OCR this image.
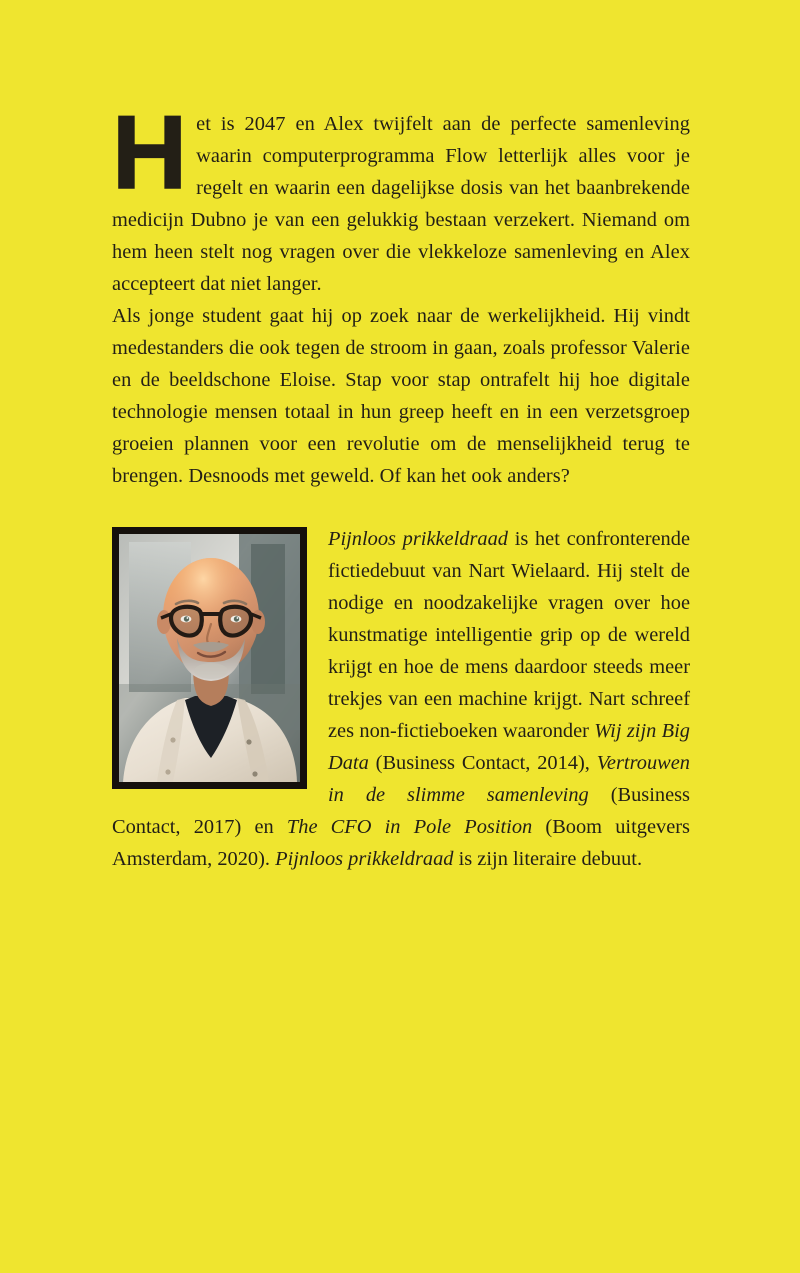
Het is 2047 en Alex twijfelt aan de perfecte samenleving waarin computerprogramma Flow letterlijk alles voor je regelt en waarin een dagelijkse dosis van het baanbrekende medicijn Dubno je van een gelukkig bestaan verzekert. Niemand om hem heen stelt nog vragen over die vlekkeloze samenleving en Alex accepteert dat niet langer.

Als jonge student gaat hij op zoek naar de werkelijkheid. Hij vindt medestanders die ook tegen de stroom in gaan, zoals professor Valerie en de beeldschone Eloise. Stap voor stap ontrafelt hij hoe digitale technologie mensen totaal in hun greep heeft en in een verzetsgroep groeien plannen voor een revolutie om de menselijkheid terug te brengen. Desnoods met geweld. Of kan het ook anders?

Pijnloos prikkeldraad is het confronterende fictiedebuut van Nart Wielaard. Hij stelt de nodige en noodzakelijke vragen over hoe kunstmatige intelligentie grip op de wereld krijgt en hoe de mens daardoor steeds meer trekjes van een machine krijgt. Nart schreef zes non-fictieboeken waaronder Wij zijn Big Data (Business Contact, 2014), Vertrouwen in de slimme samenleving (Business Contact, 2017) en The CFO in Pole Position (Boom uitgevers Amsterdam, 2020). Pijnloos prikkeldraad is zijn literaire debuut.
